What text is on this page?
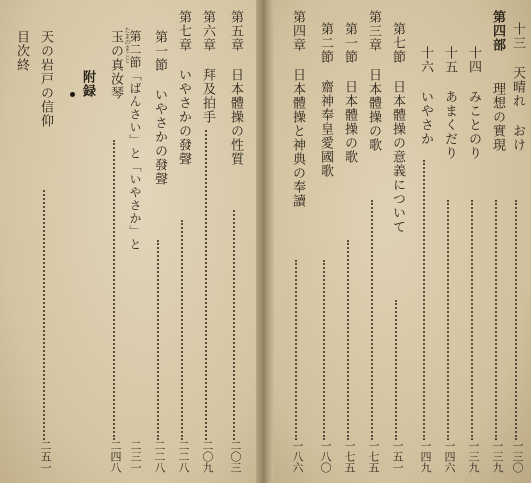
目次終 天の岩戸の信仰
二五一
附録
たまのまこと
玉の真汝琴
二四八
第二節「ばんさい」と「いやさか」と
二三一
第一節 いやさかの發聲
二二八
第七章 いやさかの發聲
二二八
第六章 拜及拍手
二〇九
第五章 日本體操の性質
二〇三
第四章 日本體操と神典の奉讀
一八六
第二節 齋神奉皇愛國歌
一八〇
第一節 日本體操の歌
一七五
第三章 日本體操の歌
一七五
第七節 日本體操の意義について
一五一
十六 いやさか
一四九
十五 あまくだり
一四六
十四 みことのり
一三九
第四部
理想の實現
一三九
十三 天晴れ おけ
一三〇
